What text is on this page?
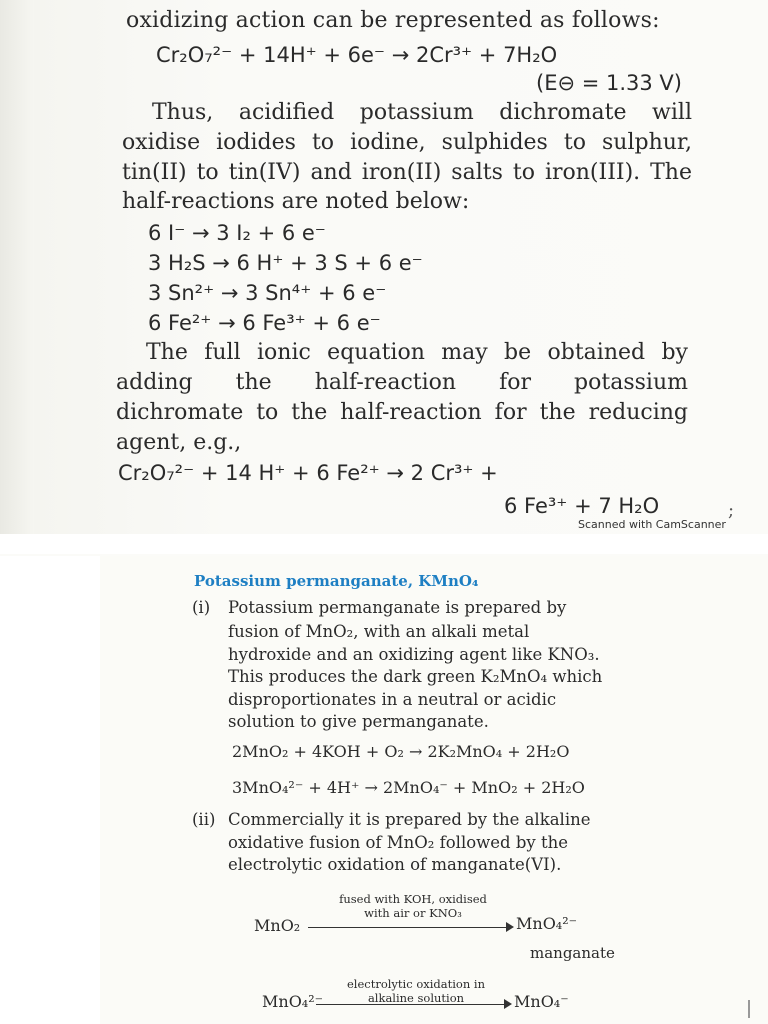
oxidizing action can be represented as follows:
Cr₂O₇²⁻ + 14H⁺ + 6e⁻ → 2Cr³⁺ + 7H₂O
(E⊖ = 1.33 V)
Thus, acidified potassium dichromate will
oxidise iodides to iodine, sulphides to sulphur,
tin(II) to tin(IV) and iron(II) salts to iron(III). The
half-reactions are noted below:
6 I⁻ → 3 I₂ + 6 e⁻
3 H₂S → 6 H⁺ + 3 S + 6 e⁻
3 Sn²⁺ → 3 Sn⁴⁺ + 6 e⁻
6 Fe²⁺ → 6 Fe³⁺ + 6 e⁻
The full ionic equation may be obtained by
adding the half-reaction for potassium
dichromate to the half-reaction for the reducing
agent, e.g.,
Cr₂O₇²⁻ + 14 H⁺ + 6 Fe²⁺ → 2 Cr³⁺ +
6 Fe³⁺ + 7 H₂O	;
Scanned with CamScanner
Potassium permanganate, KMnO₄
(i) Potassium permanganate is prepared by
fusion of MnO₂, with an alkali metal
hydroxide and an oxidizing agent like KNO₃.
This produces the dark green K₂MnO₄ which
disproportionates in a neutral or acidic
solution to give permanganate.
2MnO₂ + 4KOH + O₂ → 2K₂MnO₄ + 2H₂O
3MnO₄²⁻ + 4H⁺ → 2MnO₄⁻ + MnO₂ + 2H₂O
(ii) Commercially it is prepared by the alkaline
oxidative fusion of MnO₂ followed by the
electrolytic oxidation of manganate(VI).
fused with KOH, oxidised
with air or KNO₃
MnO₂	MnO₄²⁻
manganate
electrolytic oxidation in
alkaline solution
MnO₄²⁻	MnO₄⁻
